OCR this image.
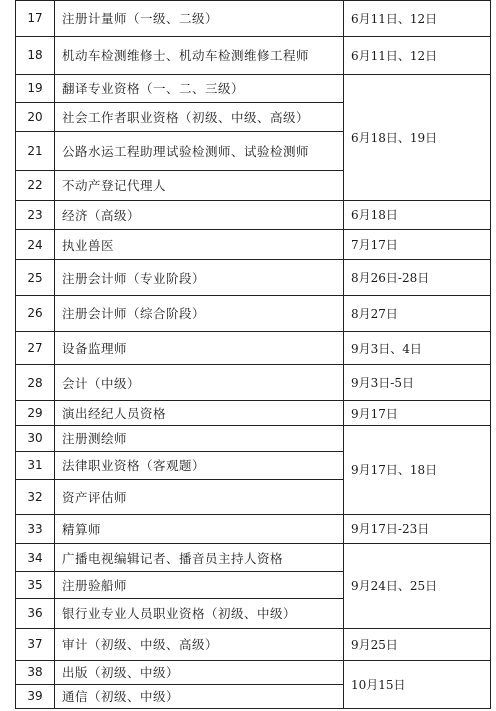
17	注册计量师（一级、二级）	6月11日、12日
18	机动车检测维修士、机动车检测维修工程师	6月11日、12日
19	翻译专业资格（一、二、三级）	6月18日、19日
20	社会工作者职业资格（初级、中级、高级）	
21	公路水运工程助理试验检测师、试验检测师	
22	不动产登记代理人	
23	经济（高级）	6月18日
24	执业兽医	7月17日
25	注册会计师（专业阶段）	8月26日-28日
26	注册会计师（综合阶段）	8月27日
27	设备监理师	9月3日、4日
28	会计（中级）	9月3日-5日
29	演出经纪人员资格	9月17日
30	注册测绘师	9月17日、18日
31	法律职业资格（客观题）	
32	资产评估师	
33	精算师	9月17日-23日
34	广播电视编辑记者、播音员主持人资格	9月24日、25日
35	注册验船师	
36	银行业专业人员职业资格（初级、中级）	
37	审计（初级、中级、高级）	9月25日
38	出版（初级、中级）	10月15日
39	通信（初级、中级）	
